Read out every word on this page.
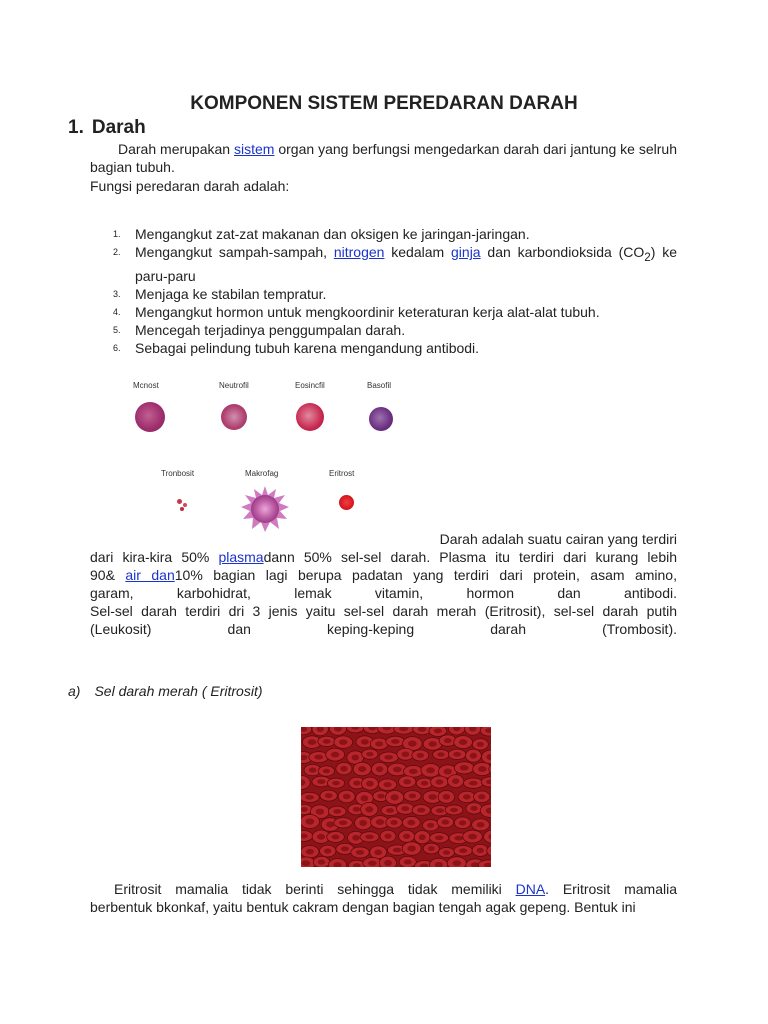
KOMPONEN SISTEM PEREDARAN DARAH
1. Darah

Darah merupakan sistem organ yang berfungsi mengedarkan darah dari jantung ke selruh bagian tubuh.

Fungsi peredaran darah adalah:

1. Mengangkut zat-zat makanan dan oksigen ke jaringan-jaringan.
2. Mengangkut sampah-sampah, nitrogen kedalam ginja dan karbondioksida $(CO_2)$ ke paru-paru
3. Menjaga ke stabilan tempratur.
4. Mengangkut hormon untuk mengkoordinir keteraturan kerja alat-alat tubuh.
5. Mencegah terjadinya penggumpalan darah.
6. Sebagai pelindung tubuh karena mengandung antibodi.
Mcnost	Neutrofil	Eosincfil	Basofil
Tronbosit	Makrofag	Eritrost

Darah adalah suatu cairan yang terdiri

dari kira-kira 50% plasmadann 50% sel-sel darah. Plasma itu terdiri dari kurang lebih

90& air dan10% bagian lagi berupa padatan yang terdiri dari protein, asam amino,

garam, karbohidrat, lemak vitamin, hormon dan antibodi.

Sel-sel darah terdiri dri 3 jenis yaitu sel-sel darah merah (Eritrosit), sel-sel darah putih

(Leukosit) dan keping-keping darah (Trombosit).

a) Sel darah merah ( Eritrosit)

Eritrosit mamalia tidak berinti sehingga tidak memiliki DNA. Eritrosit mamalia

berbentuk bkonkaf, yaitu bentuk cakram dengan bagian tengah agak gepeng. Bentuk ini
